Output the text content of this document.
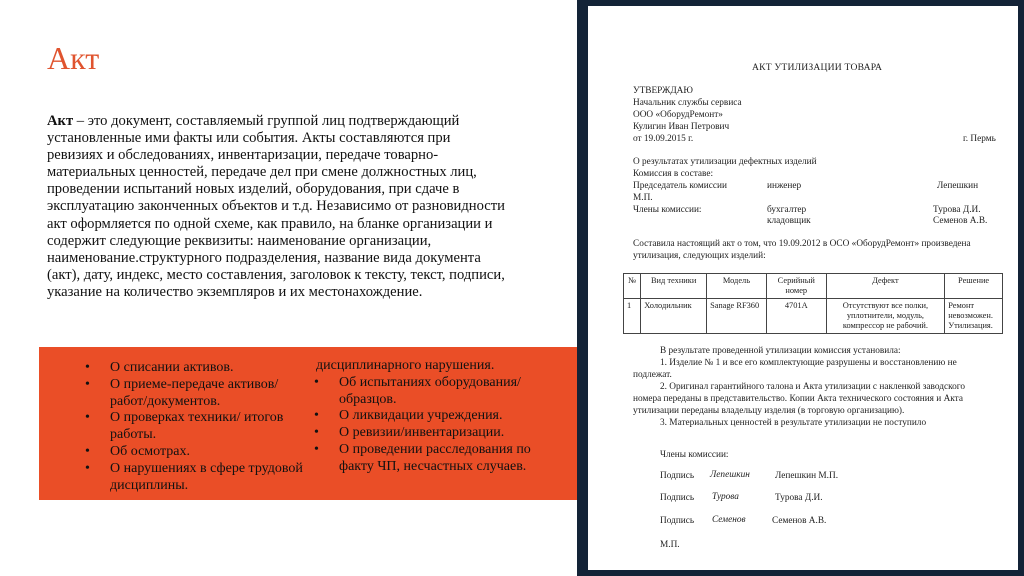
Акт
Акт – это документ, составляемый группой лиц подтверждающий установленные ими факты или события. Акты составляются при ревизиях и обследованиях, инвентаризации, передаче товарно-материальных ценностей, передаче дел при смене должностных лиц, проведении испытаний новых изделий, оборудования, при сдаче в эксплуатацию законченных объектов и т.д. Независимо от разновидности акт оформляется по одной схеме, как правило, на бланке организации и содержит следующие реквизиты: наименование организации, наименование.структурного подразделения, название вида документа (акт), дату, индекс, место составления, заголовок к тексту, текст, подписи, указание на количество экземпляров и их местонахождение.
• О списании активов.
• О приеме-передаче активов/работ/документов.
• О проверках техники/ итогов работы.
• Об осмотрах.
• О нарушениях в сфере трудовой дисциплины.
дисциплинарного нарушения.
• Об испытаниях оборудования/ образцов.
• О ликвидации учреждения.
• О ревизии/инвентаризации.
• О проведении расследования по факту ЧП, несчастных случаев.
АКТ УТИЛИЗАЦИИ ТОВАРА
УТВЕРЖДАЮ
Начальник службы сервиса
ООО «ОборудРемонт»
Кулигин Иван Петрович
от 19.09.2015 г.	г. Пермь
О результатах утилизации дефектных изделий
Комиссия в составе:
Председатель комиссии	инженер	Лепешкин
М.П.
Члены комиссии:	бухгалтер	Турова Д.И.
кладовщик	Семенов А.В.
Составила настоящий акт о том, что 19.09.2012 в ОСО «ОборудРемонт» произведена
утилизация, следующих изделий:
№	Вид техники	Модель	Серийный номер	Дефект	Решение
1	Холодильник	Sanage RF360	4701A	Отсутствуют все полки, уплотнители, модуль, компрессор не рабочий.	Ремонт невозможен. Утилизация.
В результате проведенной утилизации комиссия установила:
1. Изделие № 1 и все его комплектующие разрушены и восстановлению не
подлежат.
2. Оригинал гарантийного талона и Акта утилизации с накленкой заводского
номера переданы в представительство. Копии Акта технического состояния и Акта
утилизации переданы владельцу изделия (в торговую организацию).
3. Материальных ценностей в результате утилизации не поступило
Члены комиссии:
Подпись Лепешкин	Лепешкин М.П.
Подпись Турова	Турова Д.И.
Подпись Семенов	Семенов А.В.
М.П.
